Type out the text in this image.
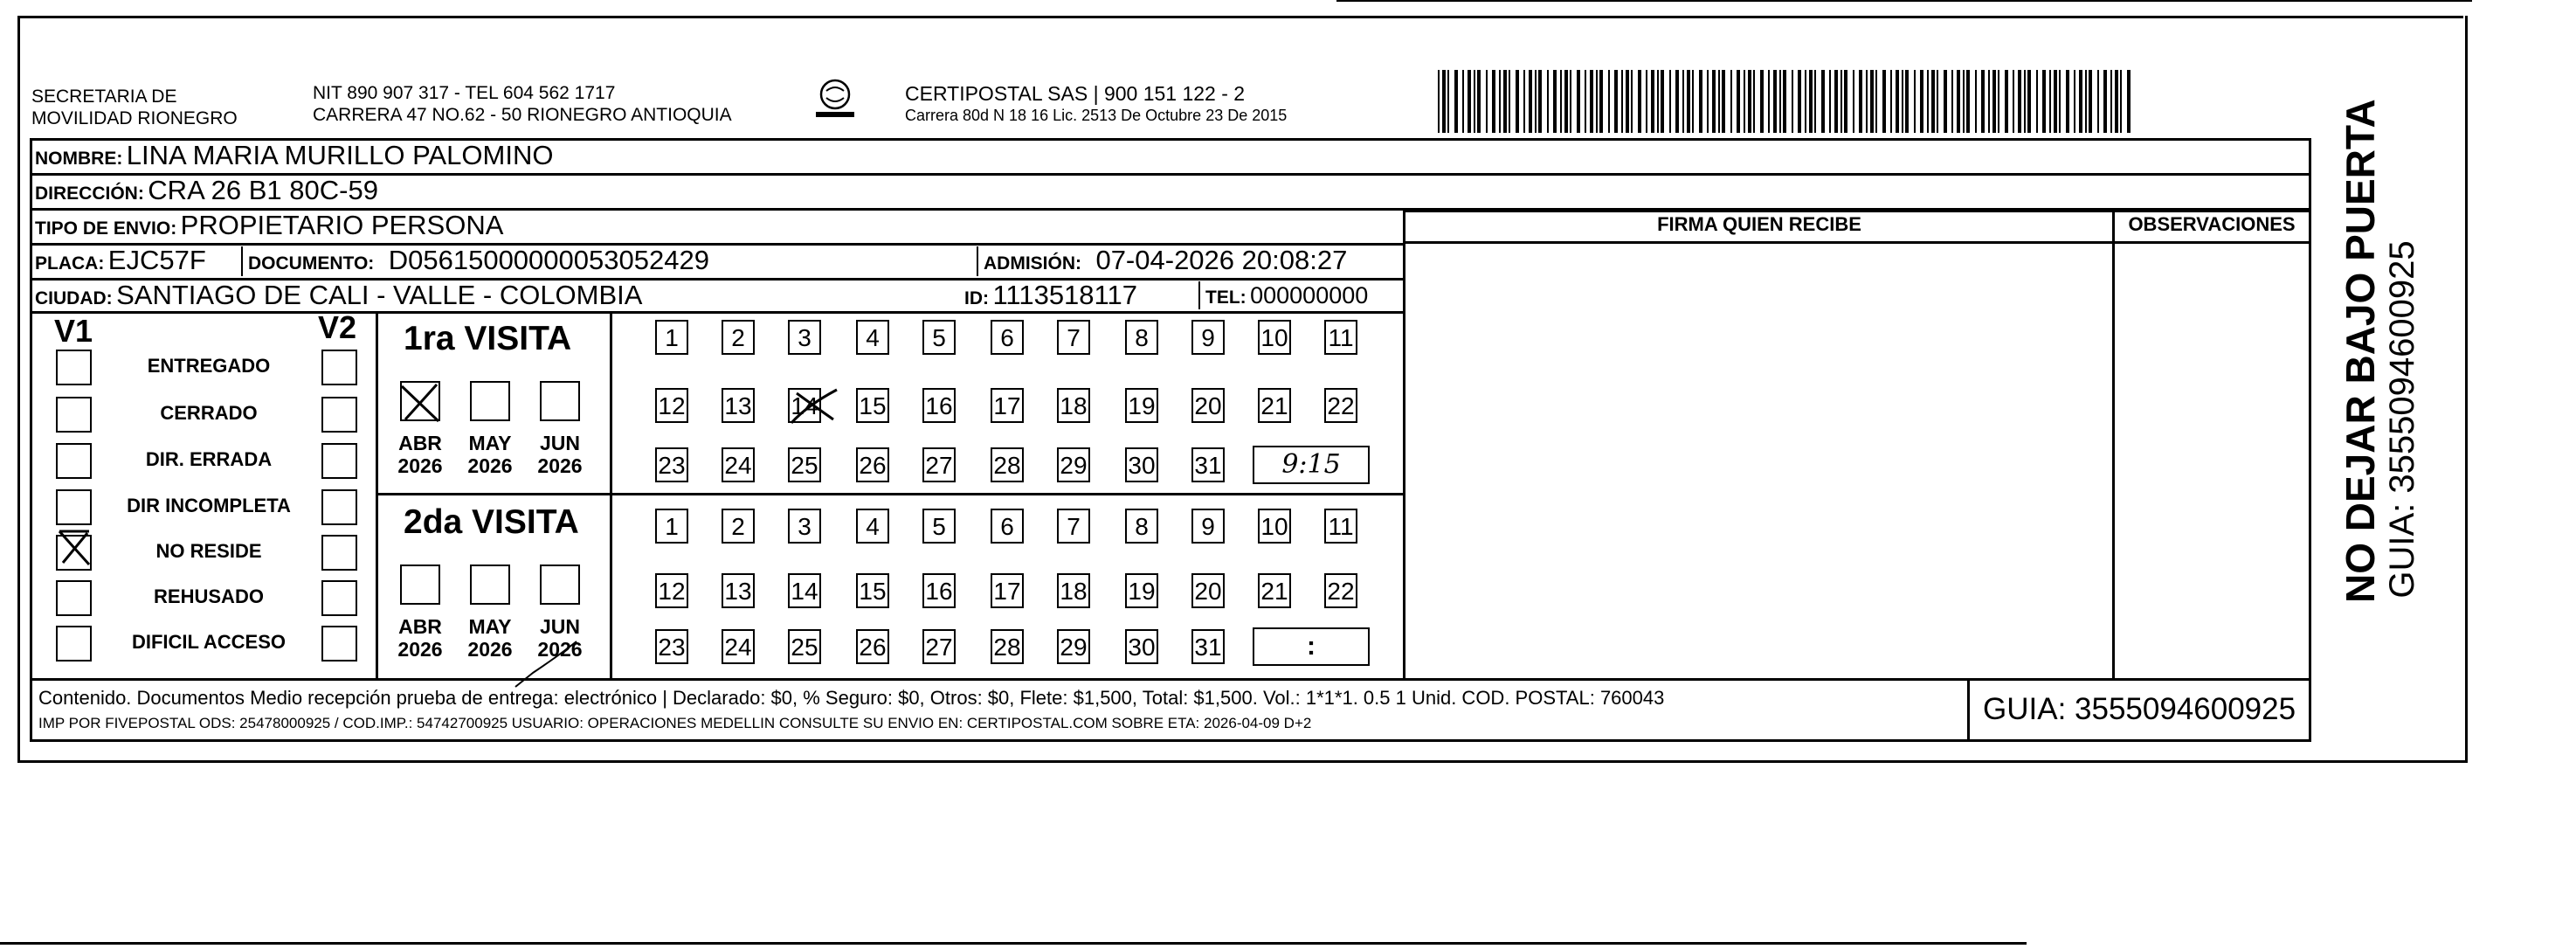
SECRETARIA DE
MOVILIDAD RIONEGRO
NIT 890 907 317 - TEL 604 562 1717
CARRERA 47 NO.62 - 50 RIONEGRO ANTIOQUIA
CERTIPOSTAL SAS | 900 151 122 - 2
Carrera 80d N 18 16 Lic. 2513 De Octubre 23 De 2015
NOMBRE: LINA MARIA MURILLO PALOMINO
DIRECCIÓN: CRA 26 B1 80C-59
TIPO DE ENVIO: PROPIETARIO PERSONA
PLACA: EJC57F DOCUMENTO: D05615000000053052429	ADMISIÓN: 07-04-2026 20:08:27
CIUDAD: SANTIAGO DE CALI - VALLE - COLOMBIA	ID: 1113518117	TEL: 000000000
FIRMA QUIEN RECIBE	OBSERVACIONES
V1	V2
ENTREGADO
CERRADO
DIR. ERRADA
DIR INCOMPLETA
NO RESIDE
REHUSADO
DIFICIL ACCESO
1ra VISITA
2da VISITA
ABR
2026
MAY
2026
JUN
2026
ABR
2026
MAY
2026
JUN
2026
1	2	3	4	5	6	7	8	9	10 11
12 13 14 15 16 17 18 19 20 21 22
23 24 25 26 27 28 29 30 31
1	2	3	4	5	6	7	8	9	10 11
12 13 14 15 16 17 18 19 20 21 22
23 24 25 26 27 28 29 30 31
9:15
:
Contenido. Documentos Medio recepción prueba de entrega: electrónico | Declarado: $0, % Seguro: $0, Otros: $0, Flete: $1,500, Total: $1,500. Vol.: 1*1*1. 0.5 1 Unid. COD. POSTAL: 760043
IMP POR FIVEPOSTAL ODS: 25478000925 / COD.IMP.: 54742700925 USUARIO: OPERACIONES MEDELLIN CONSULTE SU ENVIO EN: CERTIPOSTAL.COM SOBRE ETA: 2026-04-09 D+2	GUIA: 3555094600925
NO DEJAR BAJO PUERTA GUIA: 3555094600925
